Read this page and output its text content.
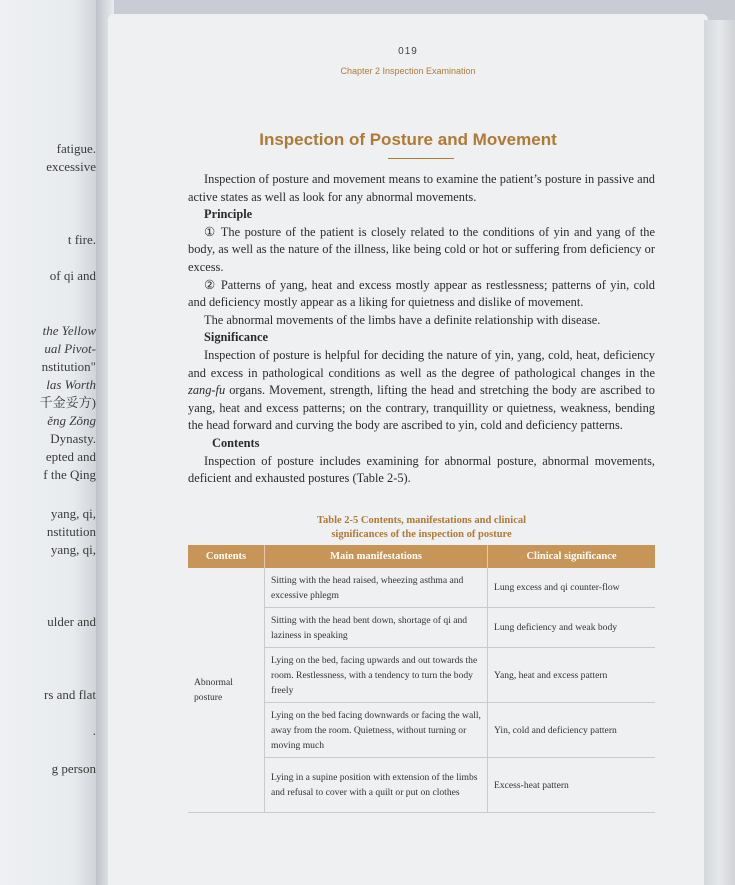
fatigue.
excessive
t fire.
of qi and
the Yellow
ual Pivot-
nstitution"
las Worth
千金妥方)
ěng Zǒng
Dynasty.
epted and
f the Qing
yang, qi,
nstitution
yang, qi,
ulder and
rs and flat
.
g person
019
Chapter 2 Inspection Examination
Inspection of Posture and Movement

Inspection of posture and movement means to examine the patient’s posture in passive and active states as well as look for any abnormal movements.

Principle

① The posture of the patient is closely related to the conditions of yin and yang of the body, as well as the nature of the illness, like being cold or hot or suffering from deficiency or excess.

② Patterns of yang, heat and excess mostly appear as restlessness; patterns of yin, cold and deficiency mostly appear as a liking for quietness and dislike of movement.

The abnormal movements of the limbs have a definite relationship with disease.

Significance

Inspection of posture is helpful for deciding the nature of yin, yang, cold, heat, deficiency and excess in pathological conditions as well as the degree of pathological changes in the zang-fu organs. Movement, strength, lifting the head and stretching the body are ascribed to yang, heat and excess patterns; on the contrary, tranquillity or quietness, weakness, bending the head forward and curving the body are ascribed to yin, cold and deficiency patterns.

Contents

Inspection of posture includes examining for abnormal posture, abnormal movements, deficient and exhausted postures (Table 2-5).

Table 2-5 Contents, manifestations and clinical
significances of the inspection of posture
Contents	Main manifestations	Clinical significance
Abnormal posture	Sitting with the head raised, wheezing asthma and excessive phlegm	Lung excess and qi counter-flow
	Sitting with the head bent down, shortage of qi and laziness in speaking	Lung deficiency and weak body
	Lying on the bed, facing upwards and out towards the room. Restlessness, with a tendency to turn the body freely	Yang, heat and excess pattern
	Lying on the bed facing downwards or facing the wall, away from the room. Quietness, without turning or moving much	Yin, cold and deficiency pattern
	Lying in a supine position with extension of the limbs and refusal to cover with a quilt or put on clothes	Excess-heat pattern
